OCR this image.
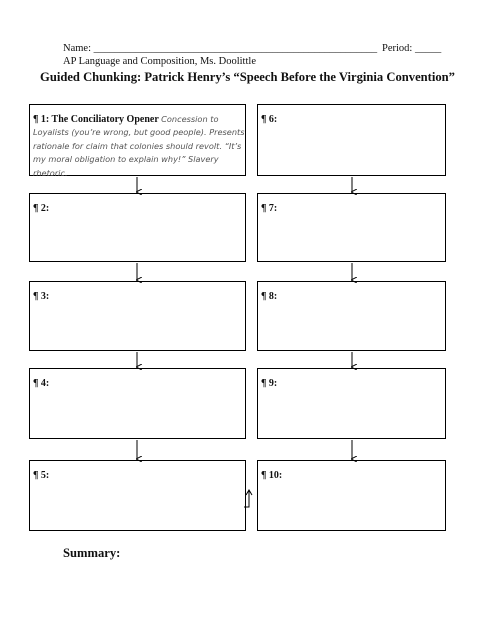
Name: ______________________________________________________ Period: _____
AP Language and Composition, Ms. Doolittle
Guided Chunking: Patrick Henry’s “Speech Before the Virginia Convention”
¶ 1: The Conciliatory Opener Concession to Loyalists (you’re wrong, but good people). Presents rationale for claim that colonies should revolt. “It’s my moral obligation to explain why!” Slavery rhetoric.
¶ 2:
¶ 3:
¶ 4:
¶ 5:
¶ 6:
¶ 7:
¶ 8:
¶ 9:
¶ 10:
Summary:
